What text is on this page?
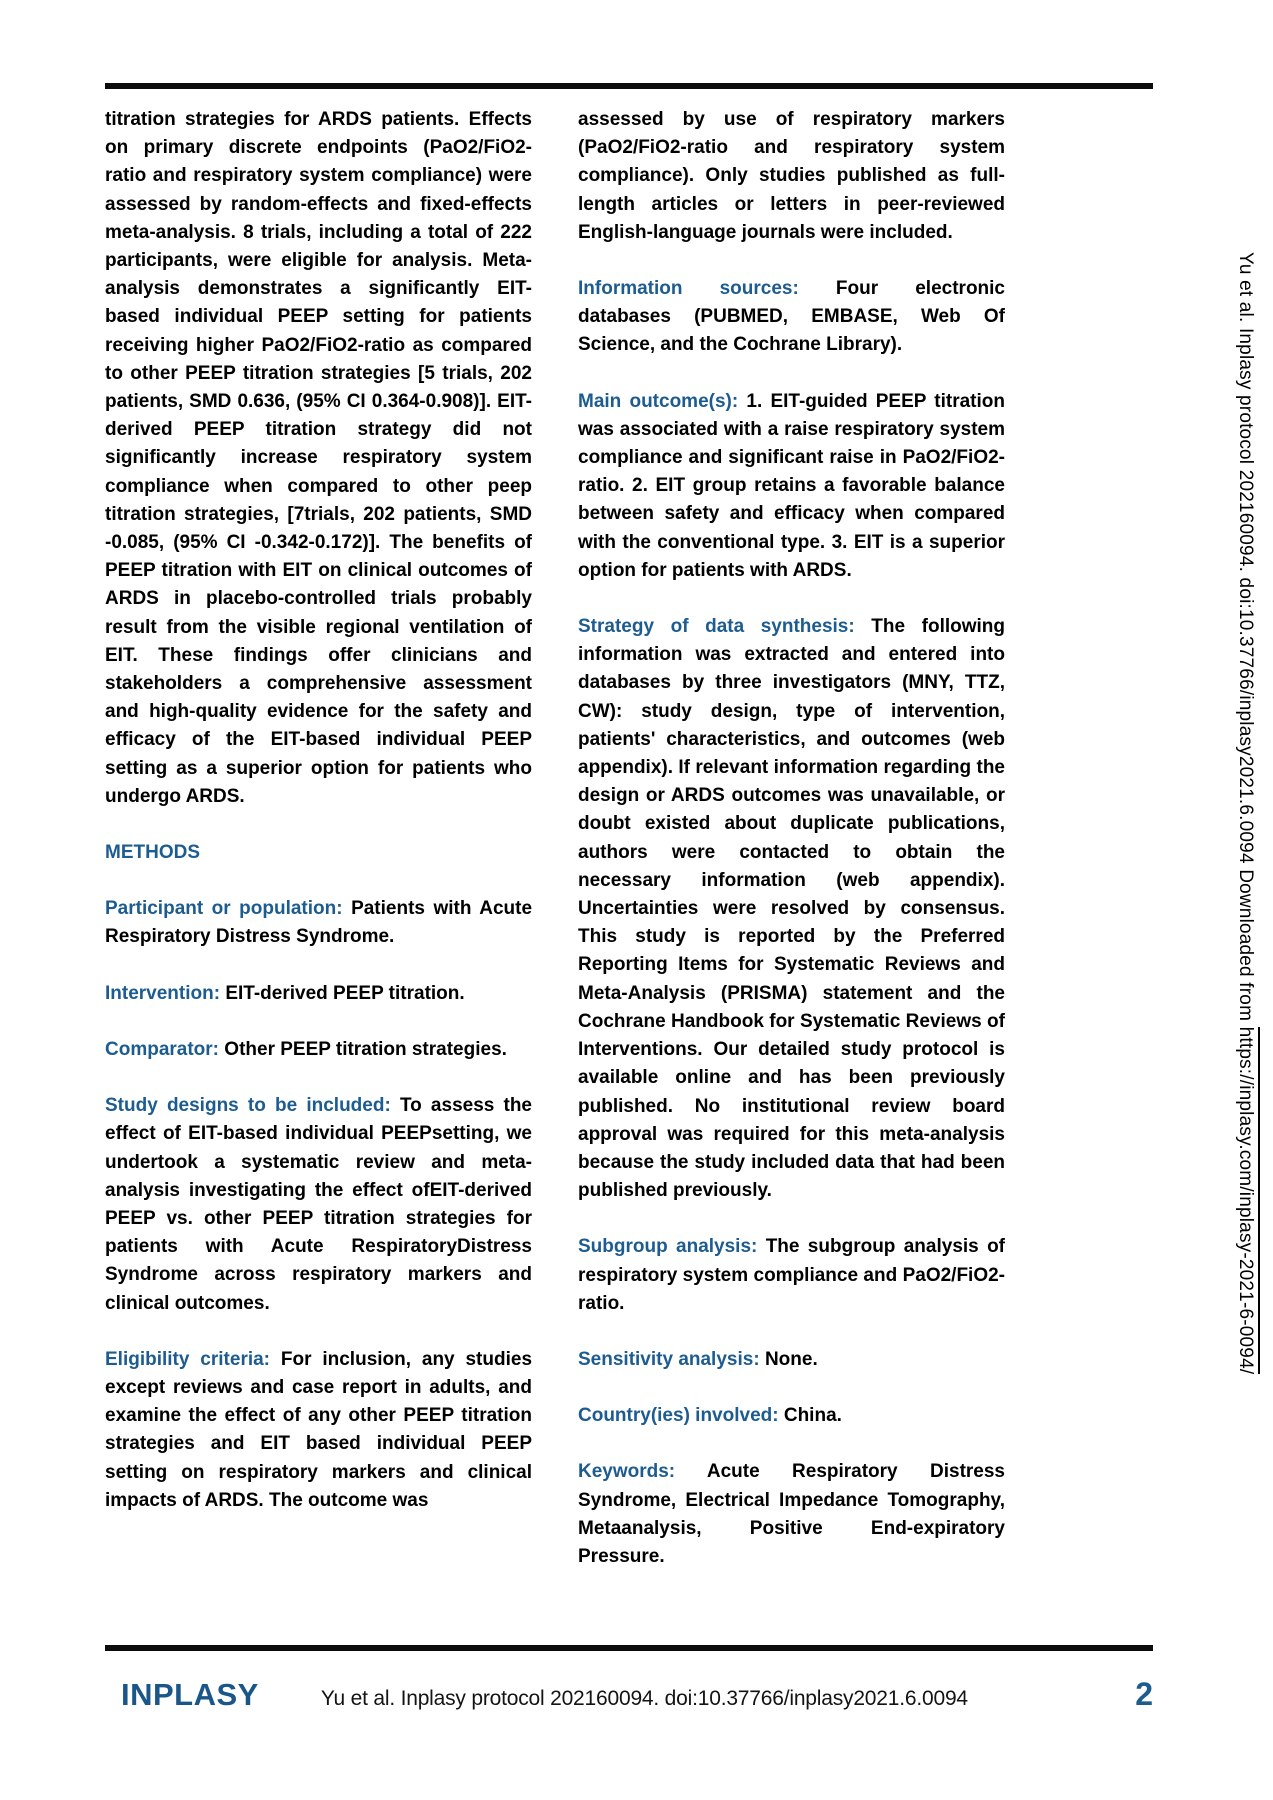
titration strategies for ARDS patients. Effects on primary discrete endpoints (PaO2/FiO2-ratio and respiratory system compliance) were assessed by random-effects and fixed-effects meta-analysis. 8 trials, including a total of 222 participants, were eligible for analysis. Meta-analysis demonstrates a significantly EIT-based individual PEEP setting for patients receiving higher PaO2/FiO2-ratio as compared to other PEEP titration strategies [5 trials, 202 patients, SMD 0.636, (95% CI 0.364-0.908)]. EIT-derived PEEP titration strategy did not significantly increase respiratory system compliance when compared to other peep titration strategies, [7trials, 202 patients, SMD -0.085, (95% CI -0.342-0.172)]. The benefits of PEEP titration with EIT on clinical outcomes of ARDS in placebo-controlled trials probably result from the visible regional ventilation of EIT. These findings offer clinicians and stakeholders a comprehensive assessment and high-quality evidence for the safety and efficacy of the EIT-based individual PEEP setting as a superior option for patients who undergo ARDS.

METHODS

Participant or population: Patients with Acute Respiratory Distress Syndrome.

Intervention: EIT-derived PEEP titration.

Comparator: Other PEEP titration strategies.

Study designs to be included: To assess the effect of EIT-based individual PEEPsetting, we undertook a systematic review and meta-analysis investigating the effect ofEIT-derived PEEP vs. other PEEP titration strategies for patients with Acute RespiratoryDistress Syndrome across respiratory markers and clinical outcomes.

Eligibility criteria: For inclusion, any studies except reviews and case report in adults, and examine the effect of any other PEEP titration strategies and EIT based individual PEEP setting on respiratory markers and clinical impacts of ARDS. The outcome was

assessed by use of respiratory markers (PaO2/FiO2-ratio and respiratory system compliance). Only studies published as full-length articles or letters in peer-reviewed English-language journals were included.

Information sources: Four electronic databases (PUBMED, EMBASE, Web Of Science, and the Cochrane Library).

Main outcome(s): 1. EIT-guided PEEP titration was associated with a raise respiratory system compliance and significant raise in PaO2/FiO2-ratio. 2. EIT group retains a favorable balance between safety and efficacy when compared with the conventional type. 3. EIT is a superior option for patients with ARDS.

Strategy of data synthesis: The following information was extracted and entered into databases by three investigators (MNY, TTZ, CW): study design, type of intervention, patients' characteristics, and outcomes (web appendix). If relevant information regarding the design or ARDS outcomes was unavailable, or doubt existed about duplicate publications, authors were contacted to obtain the necessary information (web appendix). Uncertainties were resolved by consensus. This study is reported by the Preferred Reporting Items for Systematic Reviews and Meta-Analysis (PRISMA) statement and the Cochrane Handbook for Systematic Reviews of Interventions. Our detailed study protocol is available online and has been previously published. No institutional review board approval was required for this meta-analysis because the study included data that had been published previously.

Subgroup analysis: The subgroup analysis of respiratory system compliance and PaO2/FiO2-ratio.

Sensitivity analysis: None.

Country(ies) involved: China.

Keywords: Acute Respiratory Distress Syndrome, Electrical Impedance Tomography, Metaanalysis, Positive End-expiratory Pressure.

Yu et al. Inplasy protocol 202160094. doi:10.37766/inplasy2021.6.0094 Downloaded from https://inplasy.com/inplasy-2021-6-0094/
INPLASY	Yu et al. Inplasy protocol 202160094. doi:10.37766/inplasy2021.6.0094	2
